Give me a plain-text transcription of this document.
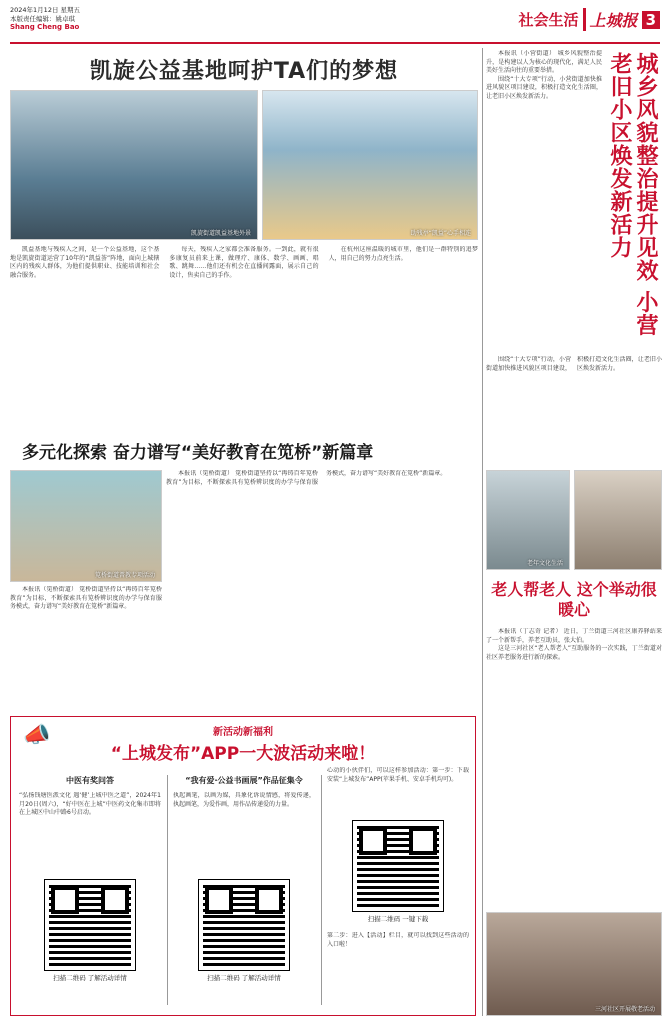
2024年1月12日 星期五
本版责任编辑：姚卓琪
Shang Cheng Bao	社会生活 上城报 3
凯旋公益基地呵护TA们的梦想
凯旋街道凯益基地外景	助残亭“凯益”心手相连

凯益基地与残疾人之间，是一个公益基地，这个基地是凯旋街道运营了10年的“凯益荟”阵地，面向上城辖区内的残疾人群体，为他们提供职业、技能培训和社会融合服务。

每天，残疾人之家都会准备服务。一到此，就有很多康复员前来上课，做理疗、康体、数学、画画、唱歌、跳舞……他们还有机会在直播间露面，展示自己的设计，售卖自己的手作。

在杭州这座温暖的城市里，他们是一群特别的追梦人，用自己的努力点亮生活。

本报讯（小营街道） 城乡风貌整治提升，是构建以人为核心的现代化，满足人民美好生活向往的重要举措。

围绕“十大专项”行动，小营街道加快推进风貌区项目建设，积极打造文化生活圈，让老旧小区焕发新活力。	城乡风貌整治提升见效 小营老旧小区焕发新活力

围绕“十大专项”行动，小营街道加快推进风貌区项目建设，积极打造文化生活圈，让老旧小区焕发新活力。

老年文化生活
多元化探索 奋力谱写“美好教育在笕桥”新篇章
笕桥街道普教专项活动

本报讯（笕桥街道） 笕桥街道坚持以“再铸百年笕桥教育”为目标，不断探索具有笕桥辨识度的办学与保育服务模式，奋力谱写“美好教育在笕桥”新篇章。

本报讯（笕桥街道） 笕桥街道坚持以“再铸百年笕桥教育”为目标，不断探索具有笕桥辨识度的办学与保育服务模式，奋力谱写“美好教育在笕桥”新篇章。

老人帮老人 这个举动很暖心

本报讯（丁志奇 记者） 近日，丁兰街道三河社区康养驿站来了一个新帮手，养老互助员，张大伯。

这是三河社区“老人帮老人”互助服务的一次实践，丁兰街道对社区养老服务进行新的探索。

三河社区开展敬老活动
新活动新福利
“上城发布”APP一大波活动来啦！
📣
中医有奖问答
“弘扬钱塘医派文化 遇‘健’上城中医之道”，2024年1月20日(周六)，“好中医在上城”中医药文化集市即将在上城区中山中路6号启动。
扫描二维码 了解活动详情
“我有爱·公益书画展”作品征集令
执起画笔，以画为媒，具象化诉说情感，将爱传递，执起画笔，为爱作画，用作品传递爱的力量。
扫描二维码 了解活动详情
心动的小伙伴们，可以这样参加活动：第一步：下载安装“上城发布”APP(苹果手机、安卓手机均可)。
扫描二维码 一键下载
第二步：进入【活动】栏目，就可以找到这些活动的入口啦！
